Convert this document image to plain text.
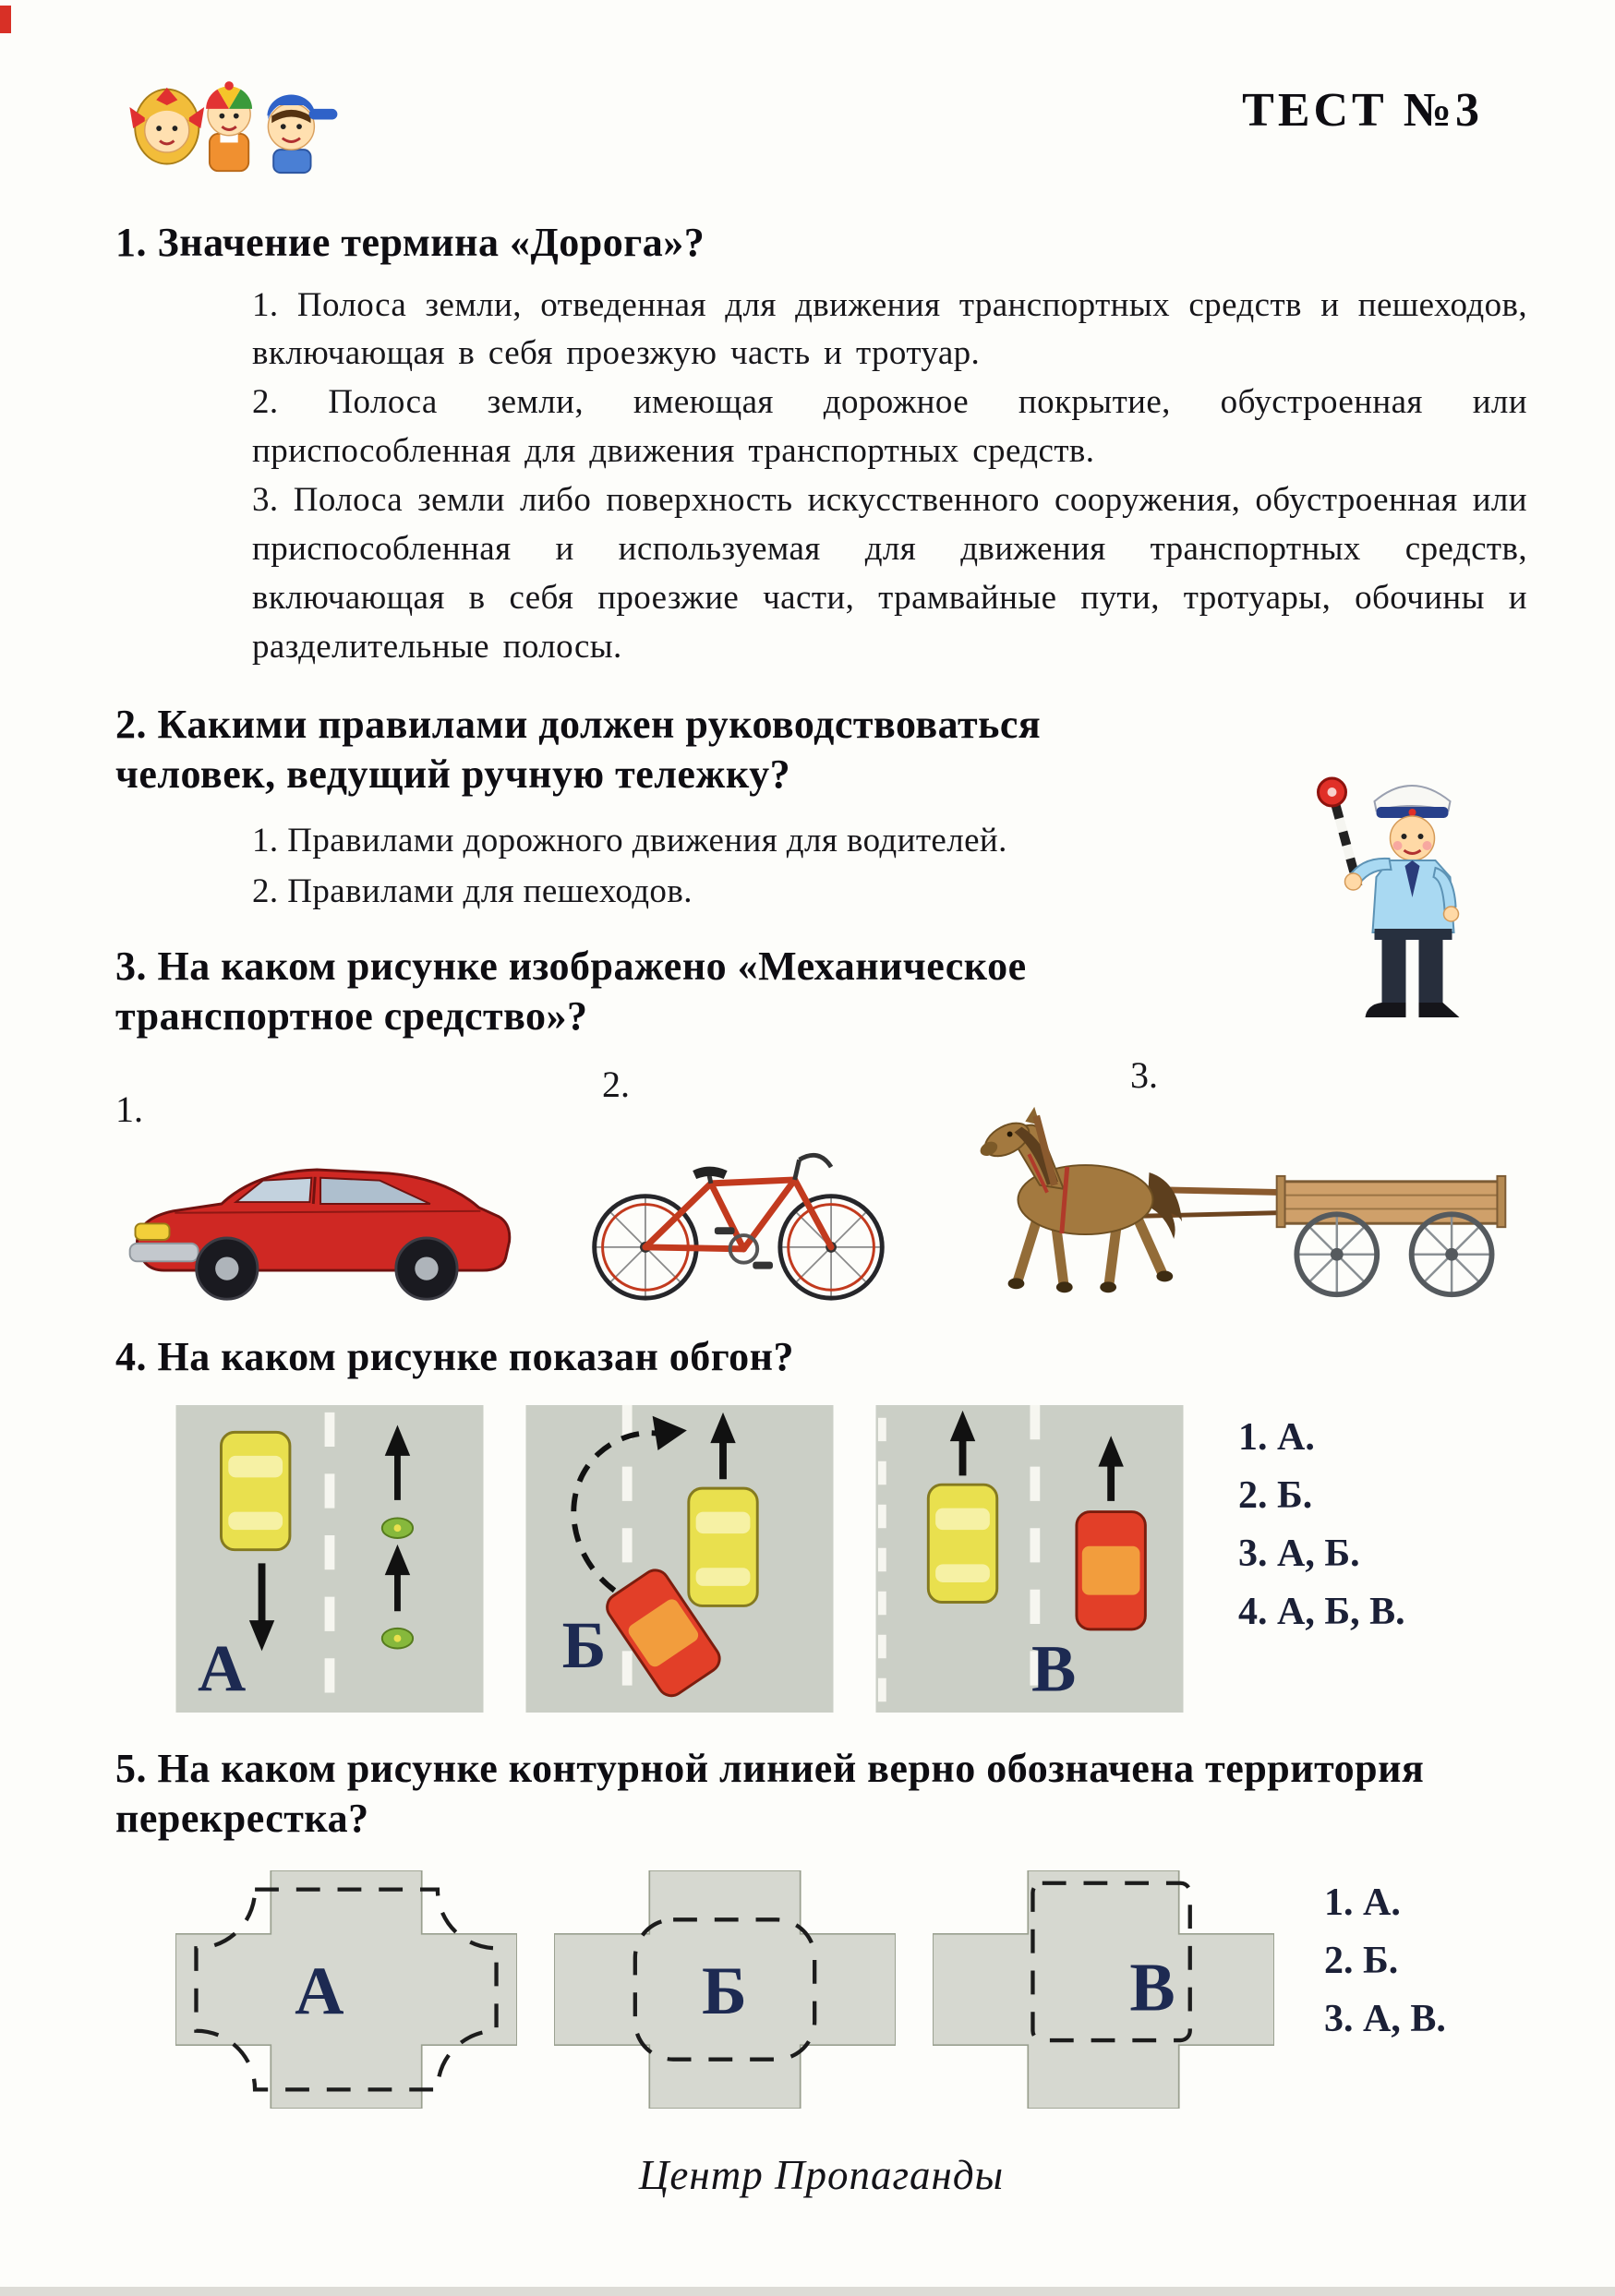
ТЕСТ №3
1. Значение термина «Дорога»?

1. Полоса земли, отведенная для движения транспортных средств и пешеходов, включающая в себя проезжую часть и тротуар.

2. Полоса земли, имеющая дорожное покрытие, обустроенная или приспособленная для движения транспортных средств.

3. Полоса земли либо поверхность искусственного сооружения, обустроенная или приспособленная и используемая для движения транспортных средств, включающая в себя проезжие части, трамвайные пути, тротуары, обочины и разделительные полосы.

2. Какими правилами должен руководствоваться человек, ведущий ручную тележку?

1. Правилами дорожного движения для водителей.

2. Правилами для пешеходов.

3. На каком рисунке изображено «Механическое транспортное средство»?
1.
2.	3.
4. На каком рисунке показан обгон?
А	Б	В
1. А.
2. Б.
3. А, Б.
4. А, Б, В.
5. На каком рисунке контурной линией верно обозначена территория перекрестка?
А	Б	В
1. А.
2. Б.
3. А, В.
Центр Пропаганды
